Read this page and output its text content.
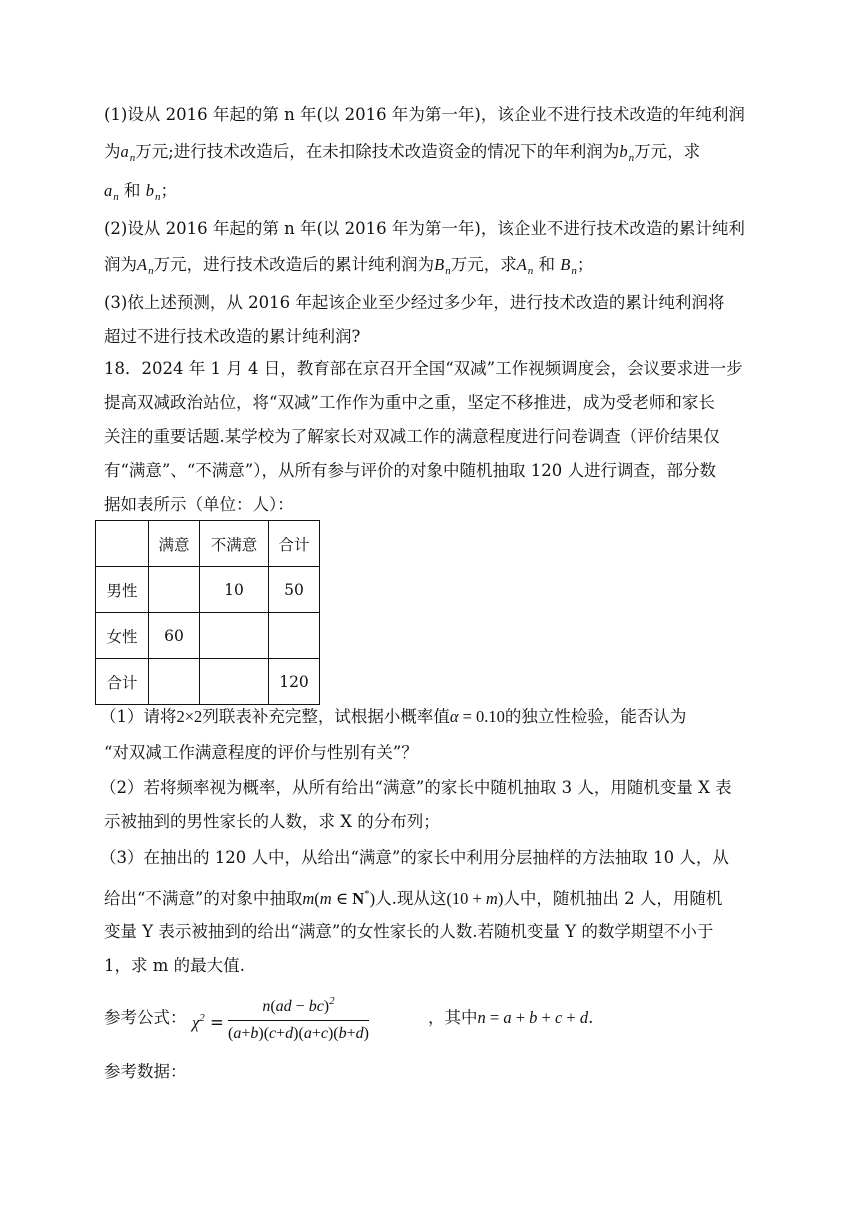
(1)设从 2016 年起的第 n 年(以 2016 年为第一年)，该企业不进行技术改造的年纯利润
为$a_n$万元;进行技术改造后，在未扣除技术改造资金的情况下的年利润为$b_n$万元，求
$a_n$ 和 $b_n$；
(2)设从 2016 年起的第 n 年(以 2016 年为第一年)，该企业不进行技术改造的累计纯利
润为$A_n$万元，进行技术改造后的累计纯利润为$B_n$万元，求$A_n$ 和 $B_n$；
(3)依上述预测，从 2016 年起该企业至少经过多少年，进行技术改造的累计纯利润将
超过不进行技术改造的累计纯利润?
18．2024 年 1 月 4 日，教育部在京召开全国“双减”工作视频调度会，会议要求进一步
提高双减政治站位，将“双减”工作作为重中之重，坚定不移推进，成为受老师和家长
关注的重要话题.某学校为了解家长对双减工作的满意程度进行问卷调查（评价结果仅
有“满意”、“不满意”），从所有参与评价的对象中随机抽取 120 人进行调查，部分数
据如表所示（单位：人）：
	满意	不满意	合计
男性		10	50
女性	60		
合计			120
（1）请将2×2列联表补充完整，试根据小概率值α = 0.10的独立性检验，能否认为
“对双减工作满意程度的评价与性别有关”？
（2）若将频率视为概率，从所有给出“满意”的家长中随机抽取 3 人，用随机变量 X 表
示被抽到的男性家长的人数，求 X 的分布列；
（3）在抽出的 120 人中，从给出“满意”的家长中利用分层抽样的方法抽取 10 人，从
给出“不满意”的对象中抽取m(m ∈ N*)人.现从这(10 + m)人中，随机抽出 2 人，用随机
变量 Y 表示被抽到的给出“满意”的女性家长的人数.若随机变量 Y 的数学期望不小于
1，求 m 的最大值.
参考公式： $\chi^2$ =
n(ad − bc)$^2$
(a+b)(c+d)(a+c)(b+d)
，其中n = a + b + c + d.
参考数据：
